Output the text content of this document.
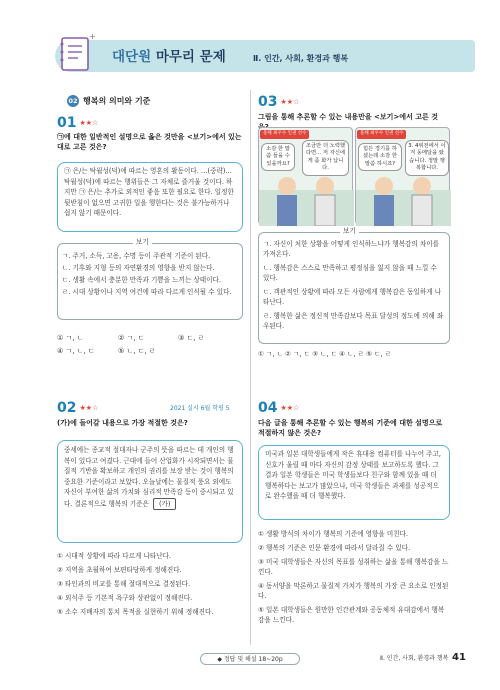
+
대단원 마무리 문제	Ⅱ. 인간, 사회, 환경과 행복
02 행복의 의미와 기준
01 ★★☆
㉠에 대한 일반적인 설명으로 옳은 것만을 <보기>에서 있는 대로 고른 것은?
㉠ 은/는 탁월성(덕)에 따르는 영혼의 활동이다. …(중략)… 탁월성(덕)에 따르는 행위들은 그 자체로 즐거울 것이다. 하지만 ㉠ 은/는 추가로 외적인 좋음 또한 필요로 한다. 일정한 뒷받침이 없으면 고귀한 일을 행한다는 것은 불가능하거나 쉽지 않기 때문이다.
보기
ㄱ. 주거, 소득, 고용, 수명 등이 주관적 기준이 된다.
ㄴ. 기후와 지형 등의 자연환경의 영향을 받지 않는다.
ㄷ. 생활 속에서 충분한 만족과 기쁨을 느끼는 상태이다.
ㄹ. 시대 상황이나 지역 여건에 따라 다르게 인식될 수 있다.
① ㄱ, ㄴ	② ㄱ, ㄷ	③ ㄷ, ㄹ
④ ㄱ, ㄴ, ㄷ	⑤ ㄴ, ㄷ, ㄹ
02 ★★☆	2021 실시 6월 학평 5
(가)에 들어갈 내용으로 가장 적절한 것은?
중세에는 종교적 절대자나 군주의 뜻을 따르는 데 개인의 행복이 있다고 여겼다. 근대에 들어 산업화가 시작되면서는 물질적 기반을 확보하고 개인의 권리를 보장 받는 것이 행복의 중요한 기준이라고 보았다. 오늘날에는 물질적 풍요 외에도 자신이 부여한 삶의 가치와 심리적 만족감 등이 중시되고 있다. 결론적으로 행복의 기준은 (가)
① 시대적 상황에 따라 다르게 나타난다.
② 지역을 초월하여 보편타당하게 정해진다.
③ 타인과의 비교를 통해 절대적으로 결정된다.
④ 외식주 등 기본적 욕구와 상관없이 정해진다.
⑤ 소수 지배자의 통치 목적을 실현하기 위해 정해진다.
03 ★★☆
그림을 통해 추론할 수 있는 내용만을 <보기>에서 고른 것
올해 최우수 인권 선수
소감 한 말씀 들을 수 있을까요?
조금만 더 노력했다면... 저 자신에게 좀 화가 납니다.
올해 최우수 인권 선수
힘든 경기를 하셨는데 소감 한 말씀 하시죠?
3. 4위전에서 이겨 동메달을 땄습니다. 정말 행복합니다.
보기
ㄱ. 자신이 처한 상황을 어떻게 인식하느냐가 행복감의 차이를 가져온다.
ㄴ. 행복감은 스스로 만족하고 평정심을 잃지 않을 때 느낄 수 있다.
ㄷ. 객관적인 상황에 따라 모든 사람에게 행복감은 동일하게 나타난다.
ㄹ. 행복한 삶은 정신적 만족감보다 목표 달성의 정도에 의해 좌우된다.
① ㄱ, ㄴ ② ㄱ, ㄷ ③ ㄴ, ㄷ ④ ㄴ, ㄹ ⑤ ㄷ, ㄹ
04 ★★☆
다음 글을 통해 추론할 수 있는 행복의 기준에 대한 설명으로 적절하지 않은 것은?
미국과 일본 대학생들에게 작은 휴대용 컴퓨터를 나누어 주고, 신호가 울릴 때 마다 자신의 감정 상태를 보고하도록 했다. 그 결과 일본 학생들은 미국 학생들보다 친구와 함께 있을 때 더 행복하다는 보고가 많았으나, 미국 학생들은 과제를 성공적으로 완수했을 때 더 행복했다.
① 생활 방식의 차이가 행복의 기준에 영향을 미친다.
② 행복의 기준은 인문 환경에 따라서 달라질 수 있다.
③ 미국 대학생들은 자신의 목표를 성취하는 삶을 통해 행복감을 느낀다.
④ 동서양을 막론하고 물질적 가치가 행복의 가장 큰 요소로 인정된다.
⑤ 일본 대학생들은 원만한 인간관계와 공동체적 유대감에서 행복감을 느낀다.
◆ 정답 및 해설 18~20p	Ⅱ. 인간, 사회, 환경과 행복 41
